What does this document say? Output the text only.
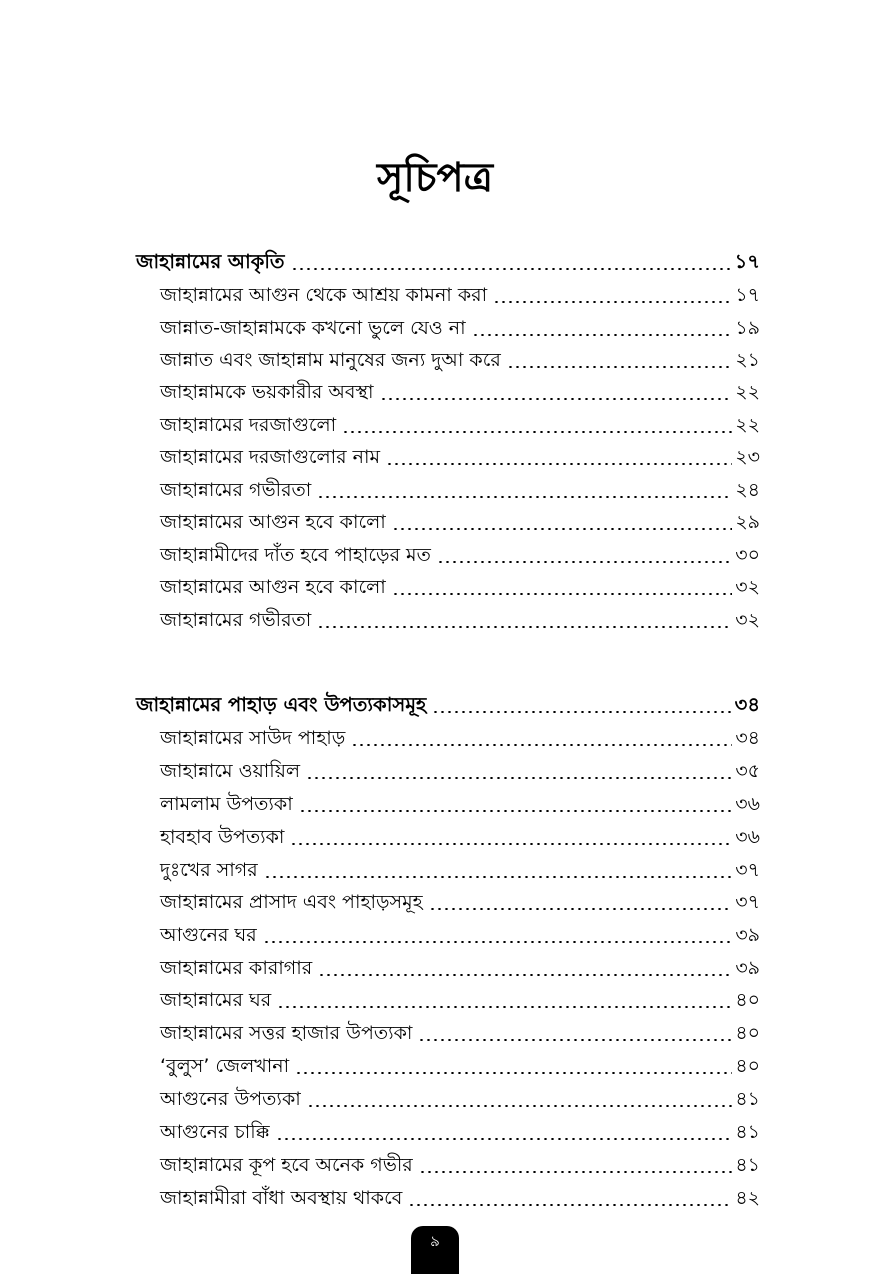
সূচিপত্র
জাহান্নামের আকৃতি	১৭
জাহান্নামের আগুন থেকে আশ্রয় কামনা করা	১৭
জান্নাত-জাহান্নামকে কখনো ভুলে যেও না	১৯
জান্নাত এবং জাহান্নাম মানুষের জন্য দুআ করে	২১
জাহান্নামকে ভয়কারীর অবস্থা	২২
জাহান্নামের দরজাগুলো	২২
জাহান্নামের দরজাগুলোর নাম	২৩
জাহান্নামের গভীরতা	২৪
জাহান্নামের আগুন হবে কালো	২৯
জাহান্নামীদের দাঁত হবে পাহাড়ের মত	৩০
জাহান্নামের আগুন হবে কালো	৩২
জাহান্নামের গভীরতা	৩২
জাহান্নামের পাহাড় এবং উপত্যকাসমূহ	৩৪
জাহান্নামের সাউদ পাহাড়	৩৪
জাহান্নামে ওয়ায়িল	৩৫
লামলাম উপত্যকা	৩৬
হাবহাব উপত্যকা	৩৬
দুঃখের সাগর	৩৭
জাহান্নামের প্রাসাদ এবং পাহাড়সমূহ	৩৭
আগুনের ঘর	৩৯
জাহান্নামের কারাগার	৩৯
জাহান্নামের ঘর	৪০
জাহান্নামের সত্তর হাজার উপত্যকা	৪০
‘বুলুস’ জেলখানা	৪০
আগুনের উপত্যকা	৪১
আগুনের চাক্কি	৪১
জাহান্নামের কূপ হবে অনেক গভীর	৪১
জাহান্নামীরা বাঁধা অবস্থায় থাকবে	৪২
৯
